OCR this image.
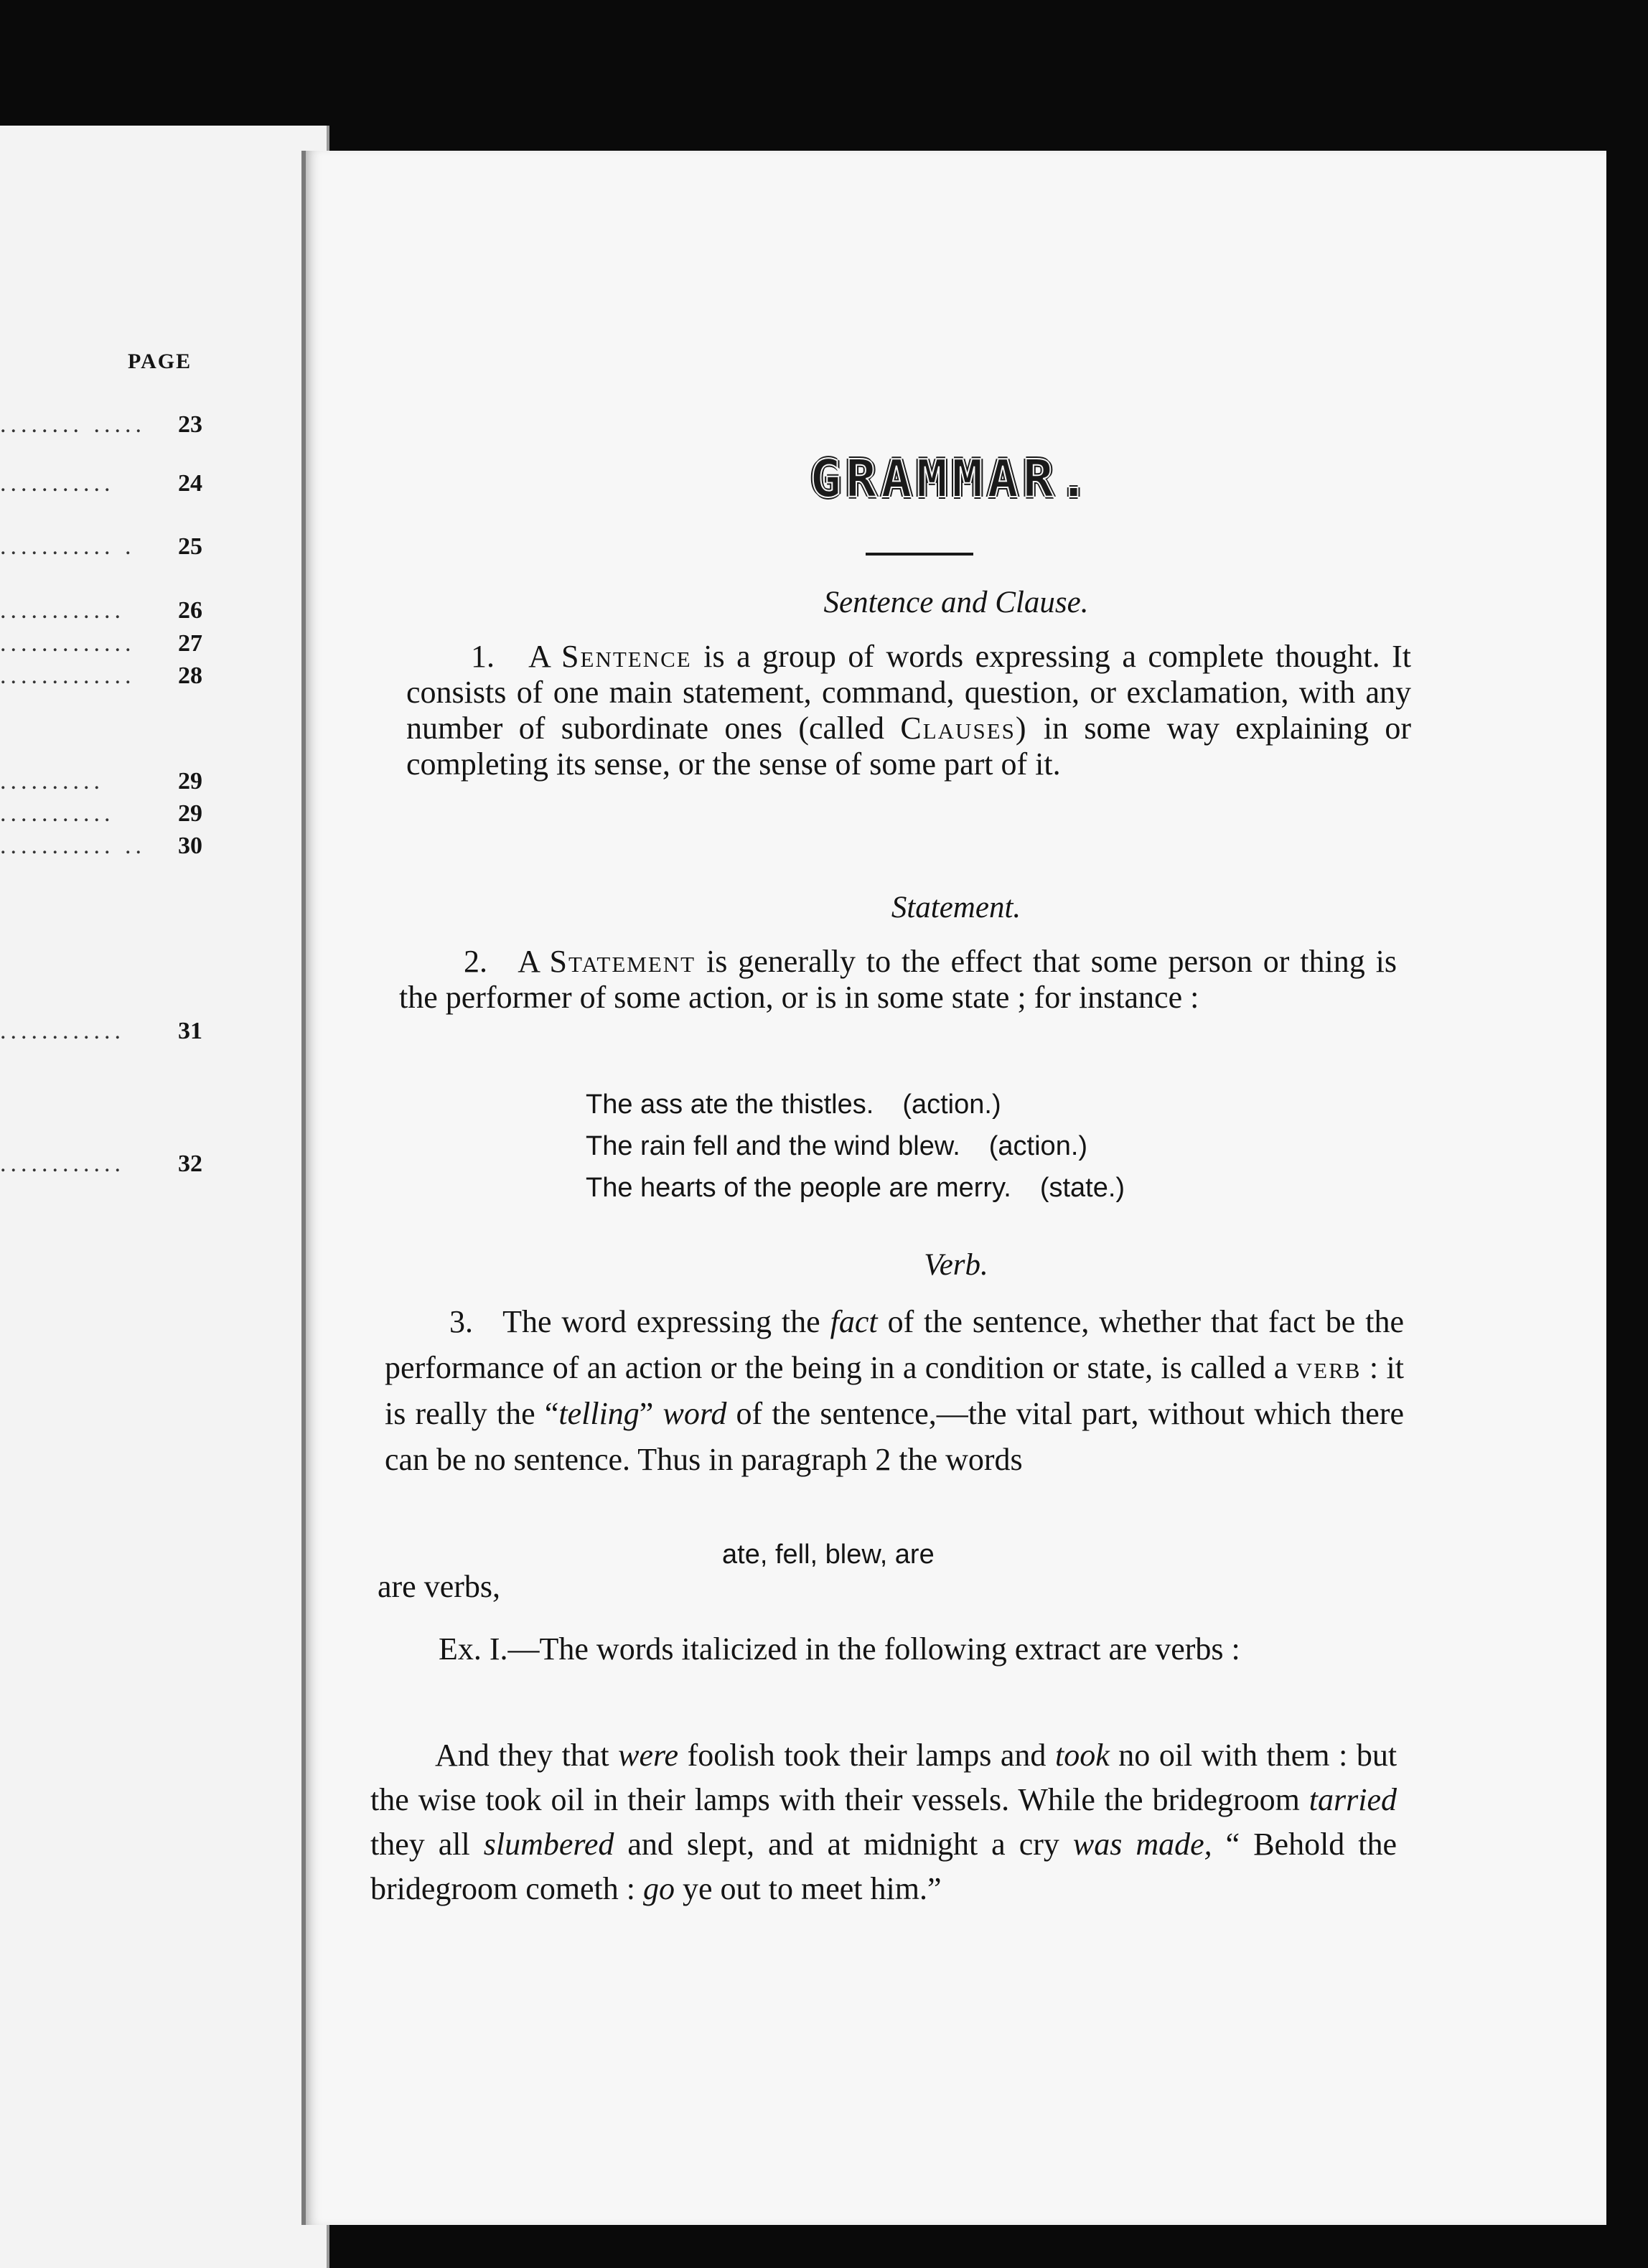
PAGE
........ ..... 23
...........	24
........... . 25
............ 26
............. 27
............. 28
..........	29
...........	29
........... .. 30
............ 31
............ 32
GRAMMAR.
Sentence and Clause.
1. A Sentence is a group of words expressing a complete thought. It consists of one main statement, command, question, or exclamation, with any number of subordinate ones (called Clauses) in some way explaining or completing its sense, or the sense of some part of it.
Statement.
2. A Statement is generally to the effect that some person or thing is the performer of some action, or is in some state ; for instance :
The ass ate the thistles. (action.)
The rain fell and the wind blew. (action.)
The hearts of the people are merry. (state.)
Verb.
3. The word expressing the fact of the sentence, whether that fact be the performance of an action or the being in a condition or state, is called a verb : it is really the “telling” word of the sentence,—the vital part, without which there can be no sentence. Thus in paragraph 2 the words
ate, fell, blew, are
are verbs,
Ex. I.—The words italicized in the following extract are verbs :
And they that were foolish took their lamps and took no oil with them : but the wise took oil in their lamps with their vessels. While the bridegroom tarried they all slumbered and slept, and at midnight a cry was made, “ Behold the bridegroom cometh : go ye out to meet him.”
